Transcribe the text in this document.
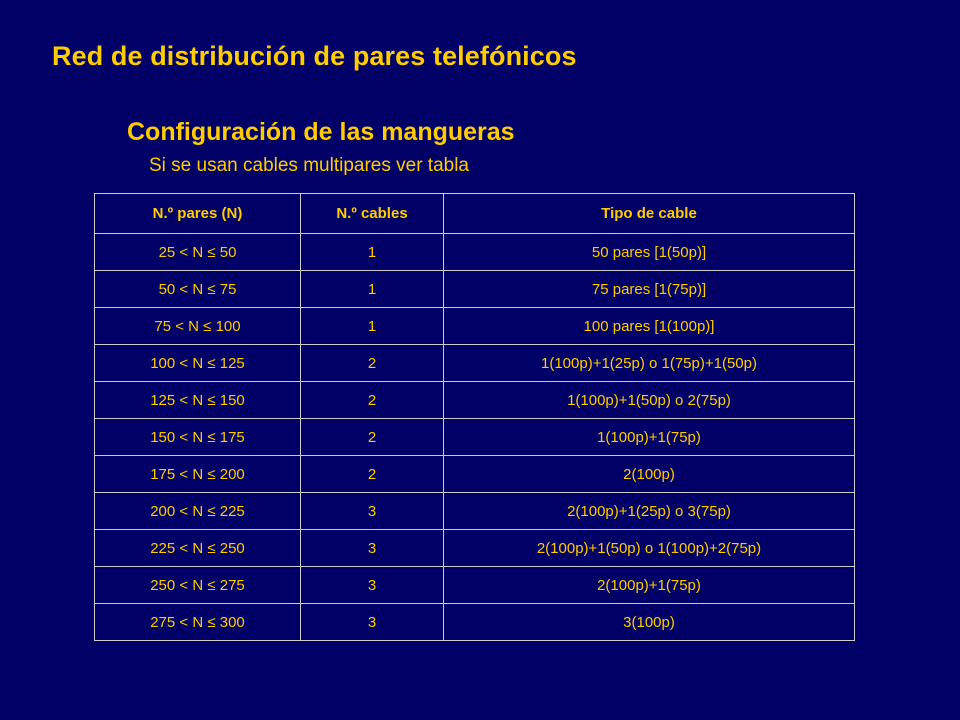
Red de distribución de pares telefónicos
Configuración de las mangueras
Si se usan cables multipares ver tabla
N.º pares (N)	N.º cables	Tipo de cable
25 < N ≤ 50	1	50 pares [1(50p)]
50 < N ≤ 75	1	75 pares [1(75p)]
75 < N ≤ 100	1	100 pares [1(100p)]
100 < N ≤ 125	2	1(100p)+1(25p) o 1(75p)+1(50p)
125 < N ≤ 150	2	1(100p)+1(50p) o 2(75p)
150 < N ≤ 175	2	1(100p)+1(75p)
175 < N ≤ 200	2	2(100p)
200 < N ≤ 225	3	2(100p)+1(25p) o 3(75p)
225 < N ≤ 250	3	2(100p)+1(50p) o 1(100p)+2(75p)
250 < N ≤ 275	3	2(100p)+1(75p)
275 < N ≤ 300	3	3(100p)
